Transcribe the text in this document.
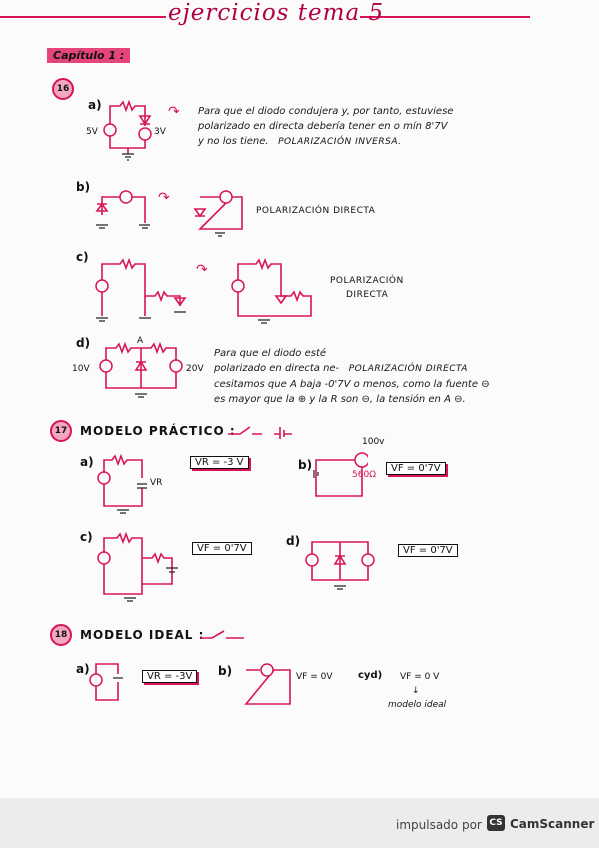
ejercicios tema 5
Capítulo 1 :
16
a)
5V	3V
↷ Para que el diodo condujera y, por tanto, estuviese
polarizado en directa debería tener en o mín 8'7V
y no los tiene. POLARIZACIÓN INVERSA.
b)
↷
POLARIZACIÓN DIRECTA
c)
↷
POLARIZACIÓN
DIRECTA
d)
10V	20V
A
Para que el diodo esté
polarizado en directa ne- POLARIZACIÓN DIRECTA
cesitamos que A baja -0'7V o menos, como la fuente ⊖
es mayor que la ⊕ y la R son ⊖, la tensión en A ⊖.
17	MODELO PRÁCTICO :
a)
VR
VR = -3 V	b)
100v
560Ω
VF = 0'7V
c)
VF = 0'7V
d)
VF = 0'7V
18	MODELO IDEAL :
a)
VR = -3V	b)	VF = 0V	cyd) VF = 0 V
↓
modelo ideal
impulsado por CS CamScanner
